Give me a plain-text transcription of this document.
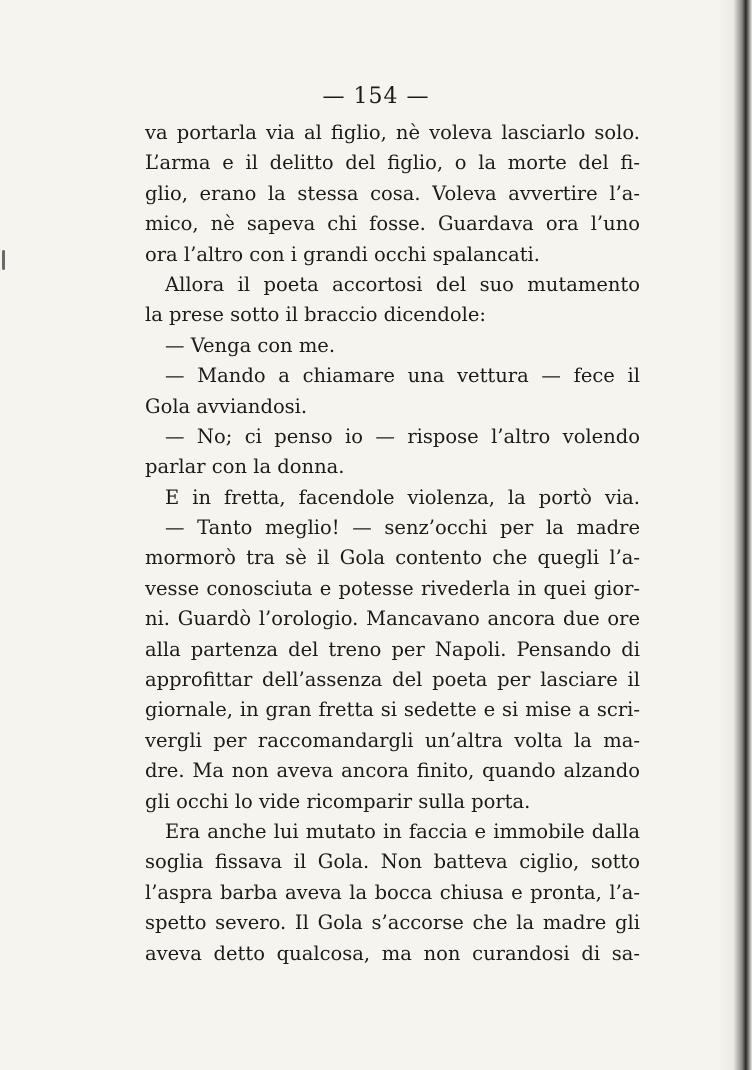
— 154 —
va portarla via al figlio, nè voleva lasciarlo solo.
L’arma e il delitto del figlio, o la morte del fi-
glio, erano la stessa cosa. Voleva avvertire l’a-
mico, nè sapeva chi fosse. Guardava ora l’uno
ora l’altro con i grandi occhi spalancati.
Allora il poeta accortosi del suo mutamento
la prese sotto il braccio dicendole:
— Venga con me.
— Mando a chiamare una vettura — fece il
Gola avviandosi.
— No; ci penso io — rispose l’altro volendo
parlar con la donna.
E in fretta, facendole violenza, la portò via.
— Tanto meglio! — senz’occhi per la madre
mormorò tra sè il Gola contento che quegli l’a-
vesse conosciuta e potesse rivederla in quei gior-
ni. Guardò l’orologio. Mancavano ancora due ore
alla partenza del treno per Napoli. Pensando di
approfittar dell’assenza del poeta per lasciare il
giornale, in gran fretta si sedette e si mise a scri-
vergli per raccomandargli un’altra volta la ma-
dre. Ma non aveva ancora finito, quando alzando
gli occhi lo vide ricomparir sulla porta.
Era anche lui mutato in faccia e immobile dalla
soglia fissava il Gola. Non batteva ciglio, sotto
l’aspra barba aveva la bocca chiusa e pronta, l’a-
spetto severo. Il Gola s’accorse che la madre gli
aveva detto qualcosa, ma non curandosi di sa-
